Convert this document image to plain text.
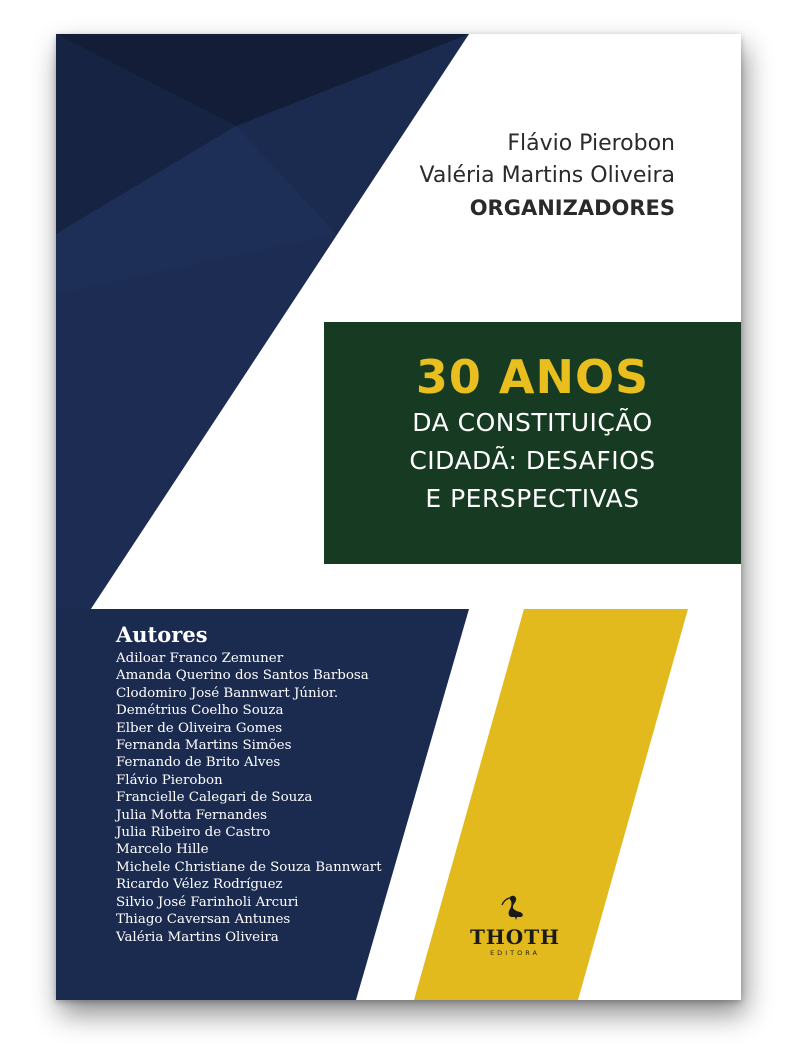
Flávio Pierobon
Valéria Martins Oliveira
ORGANIZADORES
30 ANOS
DA CONSTITUIÇÃO
CIDADÃ: DESAFIOS
E PERSPECTIVAS
Autores
Adiloar Franco Zemuner
Amanda Querino dos Santos Barbosa
Clodomiro José Bannwart Júnior.
Demétrius Coelho Souza
Elber de Oliveira Gomes
Fernanda Martins Simões
Fernando de Brito Alves
Flávio Pierobon
Francielle Calegari de Souza
Julia Motta Fernandes
Julia Ribeiro de Castro
Marcelo Hille
Michele Christiane de Souza Bannwart
Ricardo Vélez Rodríguez
Silvio José Farinholi Arcuri
Thiago Caversan Antunes
Valéria Martins Oliveira	THOTH
EDITORA
